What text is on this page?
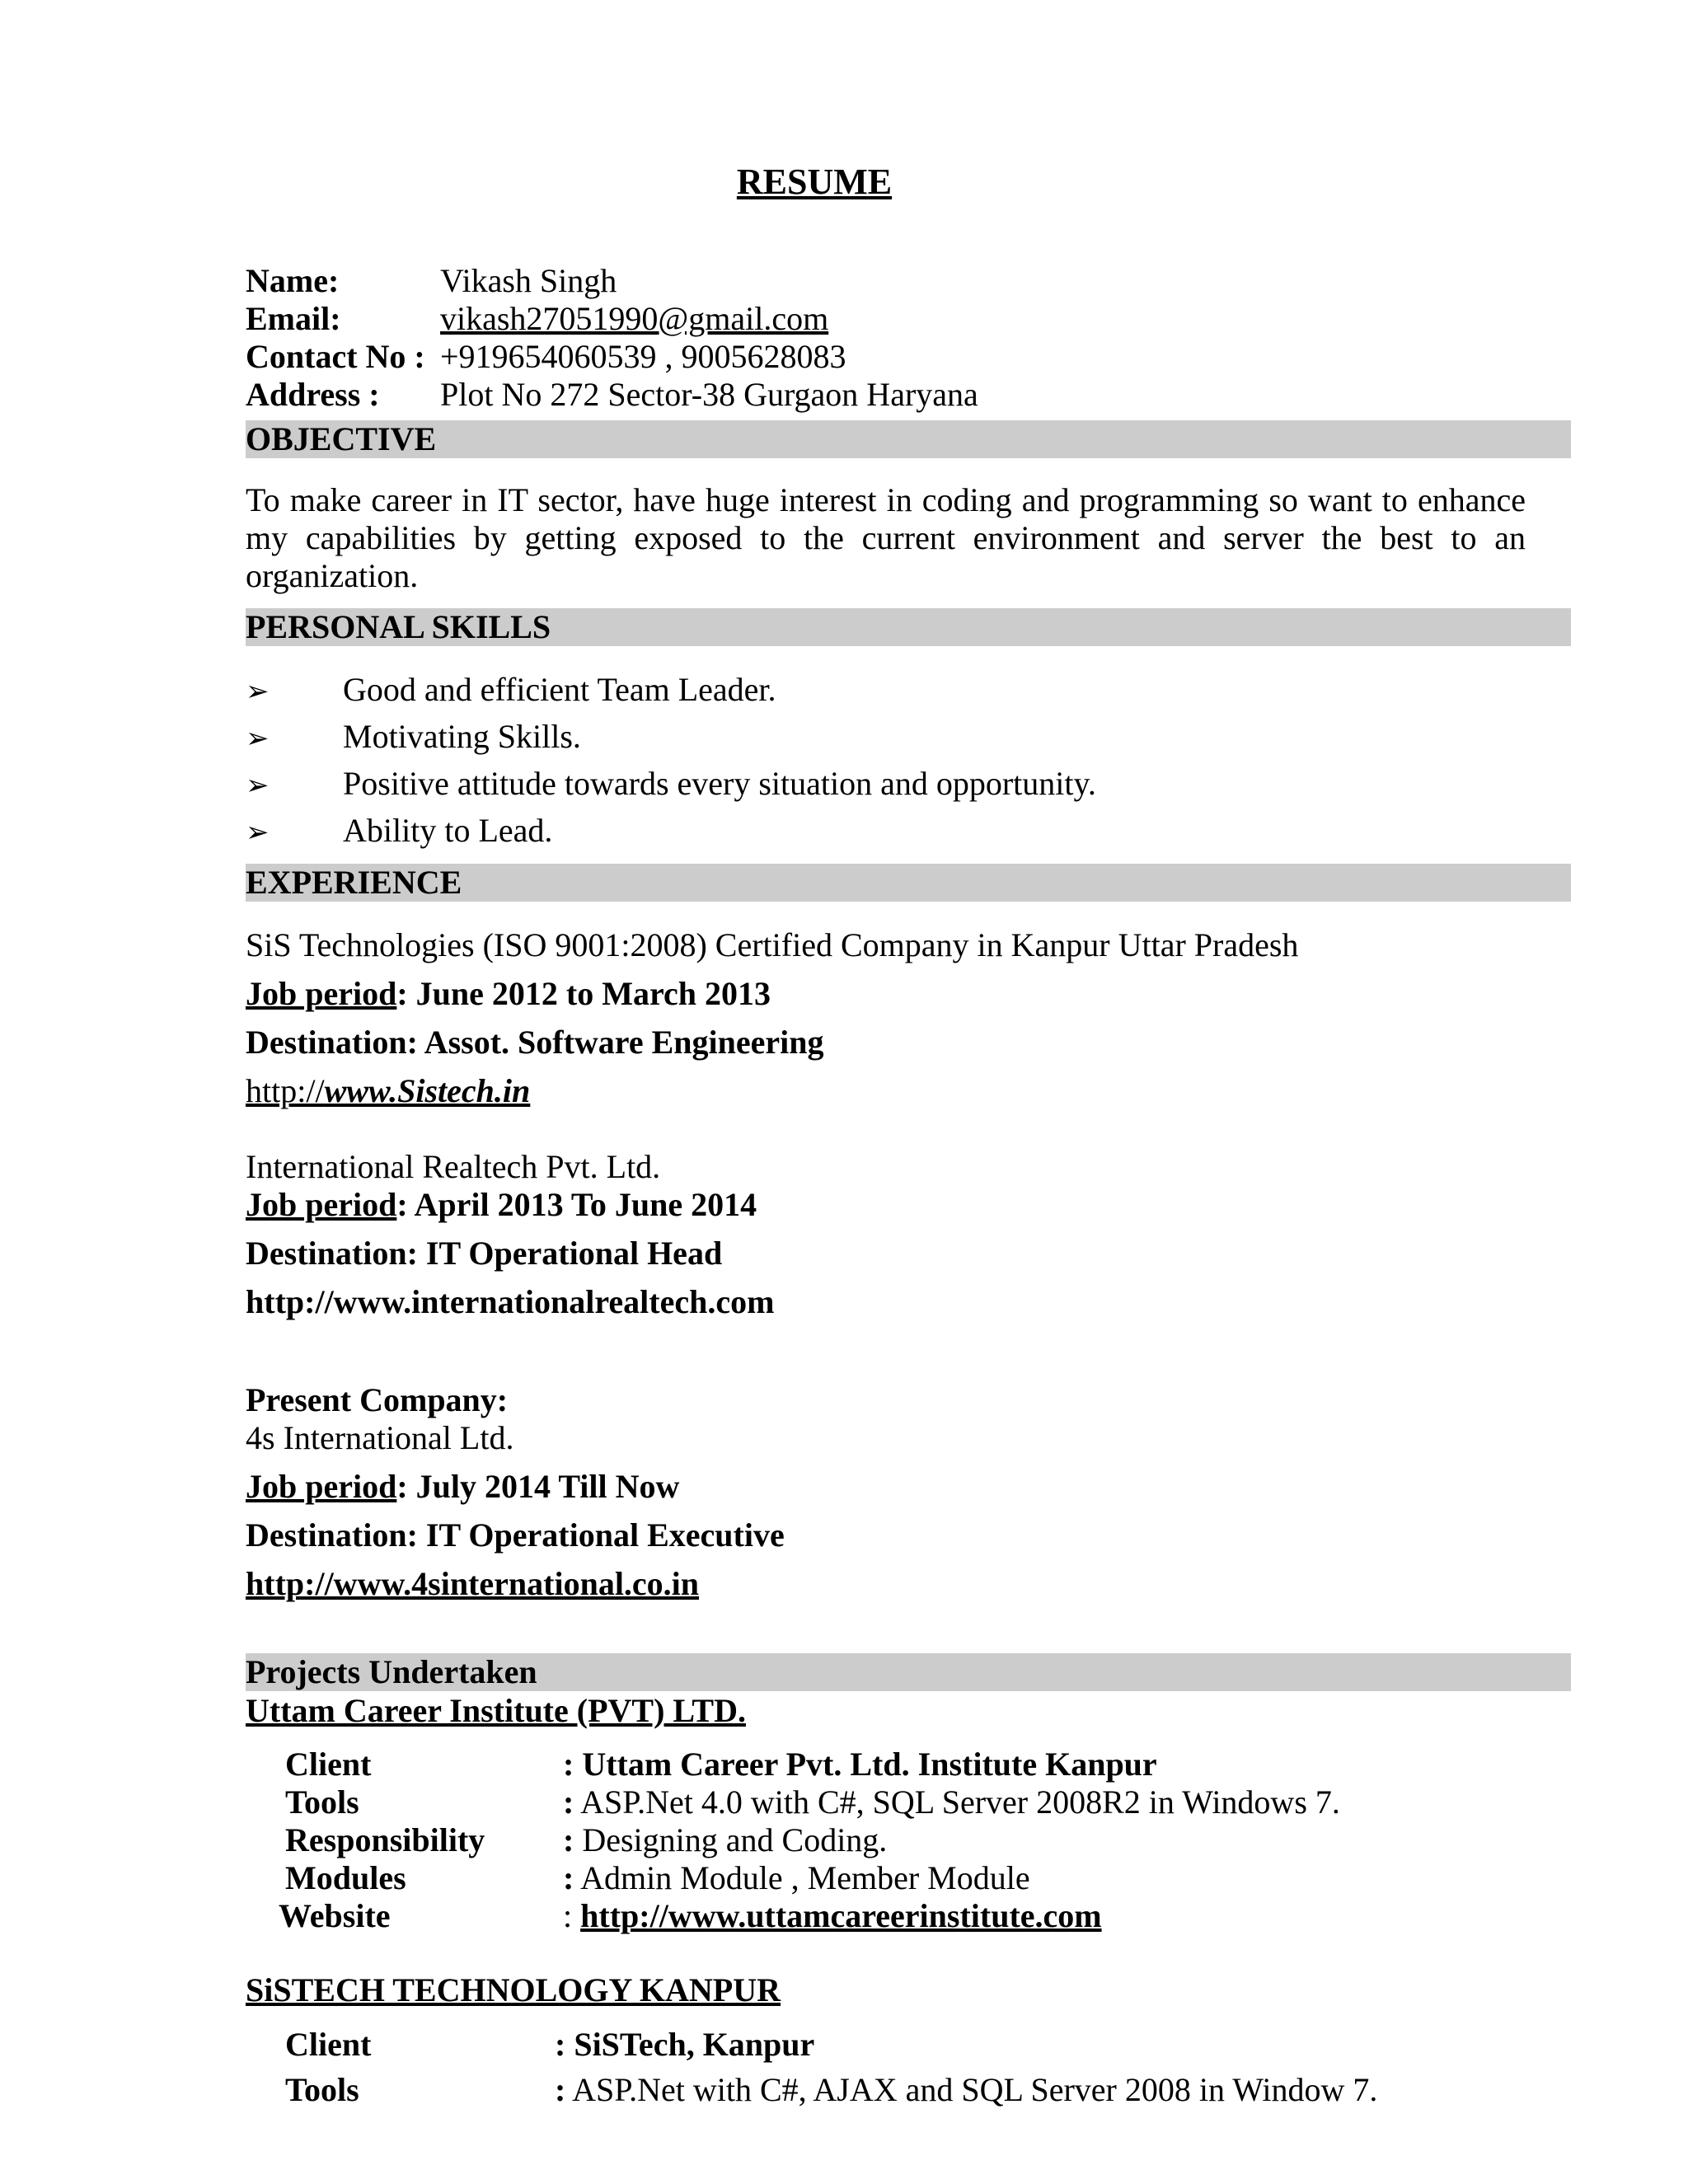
RESUME
Name:	Vikash Singh
Email:	vikash27051990@gmail.com
Contact No : +919654060539 , 9005628083
Address : Plot No 272 Sector-38 Gurgaon Haryana
OBJECTIVE
To make career in IT sector, have huge interest in coding and programming so want to enhance my capabilities by getting exposed to the current environment and server the best to an organization.
PERSONAL SKILLS
➢ Good and efficient Team Leader.
➢ Motivating Skills.
➢ Positive attitude towards every situation and opportunity.
➢ Ability to Lead.
EXPERIENCE
SiS Technologies (ISO 9001:2008) Certified Company in Kanpur Uttar Pradesh
Job period: June 2012 to March 2013
Destination: Assot. Software Engineering
http://www.Sistech.in
International Realtech Pvt. Ltd.
Job period: April 2013 To June 2014
Destination: IT Operational Head
http://www.internationalrealtech.com
Present Company:
4s International Ltd.
Job period: July 2014 Till Now
Destination: IT Operational Executive
http://www.4sinternational.co.in
Projects Undertaken
Uttam Career Institute (PVT) LTD.
Client	: Uttam Career Pvt. Ltd. Institute Kanpur
Tools	: ASP.Net 4.0 with C#, SQL Server 2008R2 in Windows 7.
Responsibility : Designing and Coding.
Modules	: Admin Module , Member Module
Website	: http://www.uttamcareerinstitute.com
SiSTECH TECHNOLOGY KANPUR
Client	: SiSTech, Kanpur
Tools	: ASP.Net with C#, AJAX and SQL Server 2008 in Window 7.
